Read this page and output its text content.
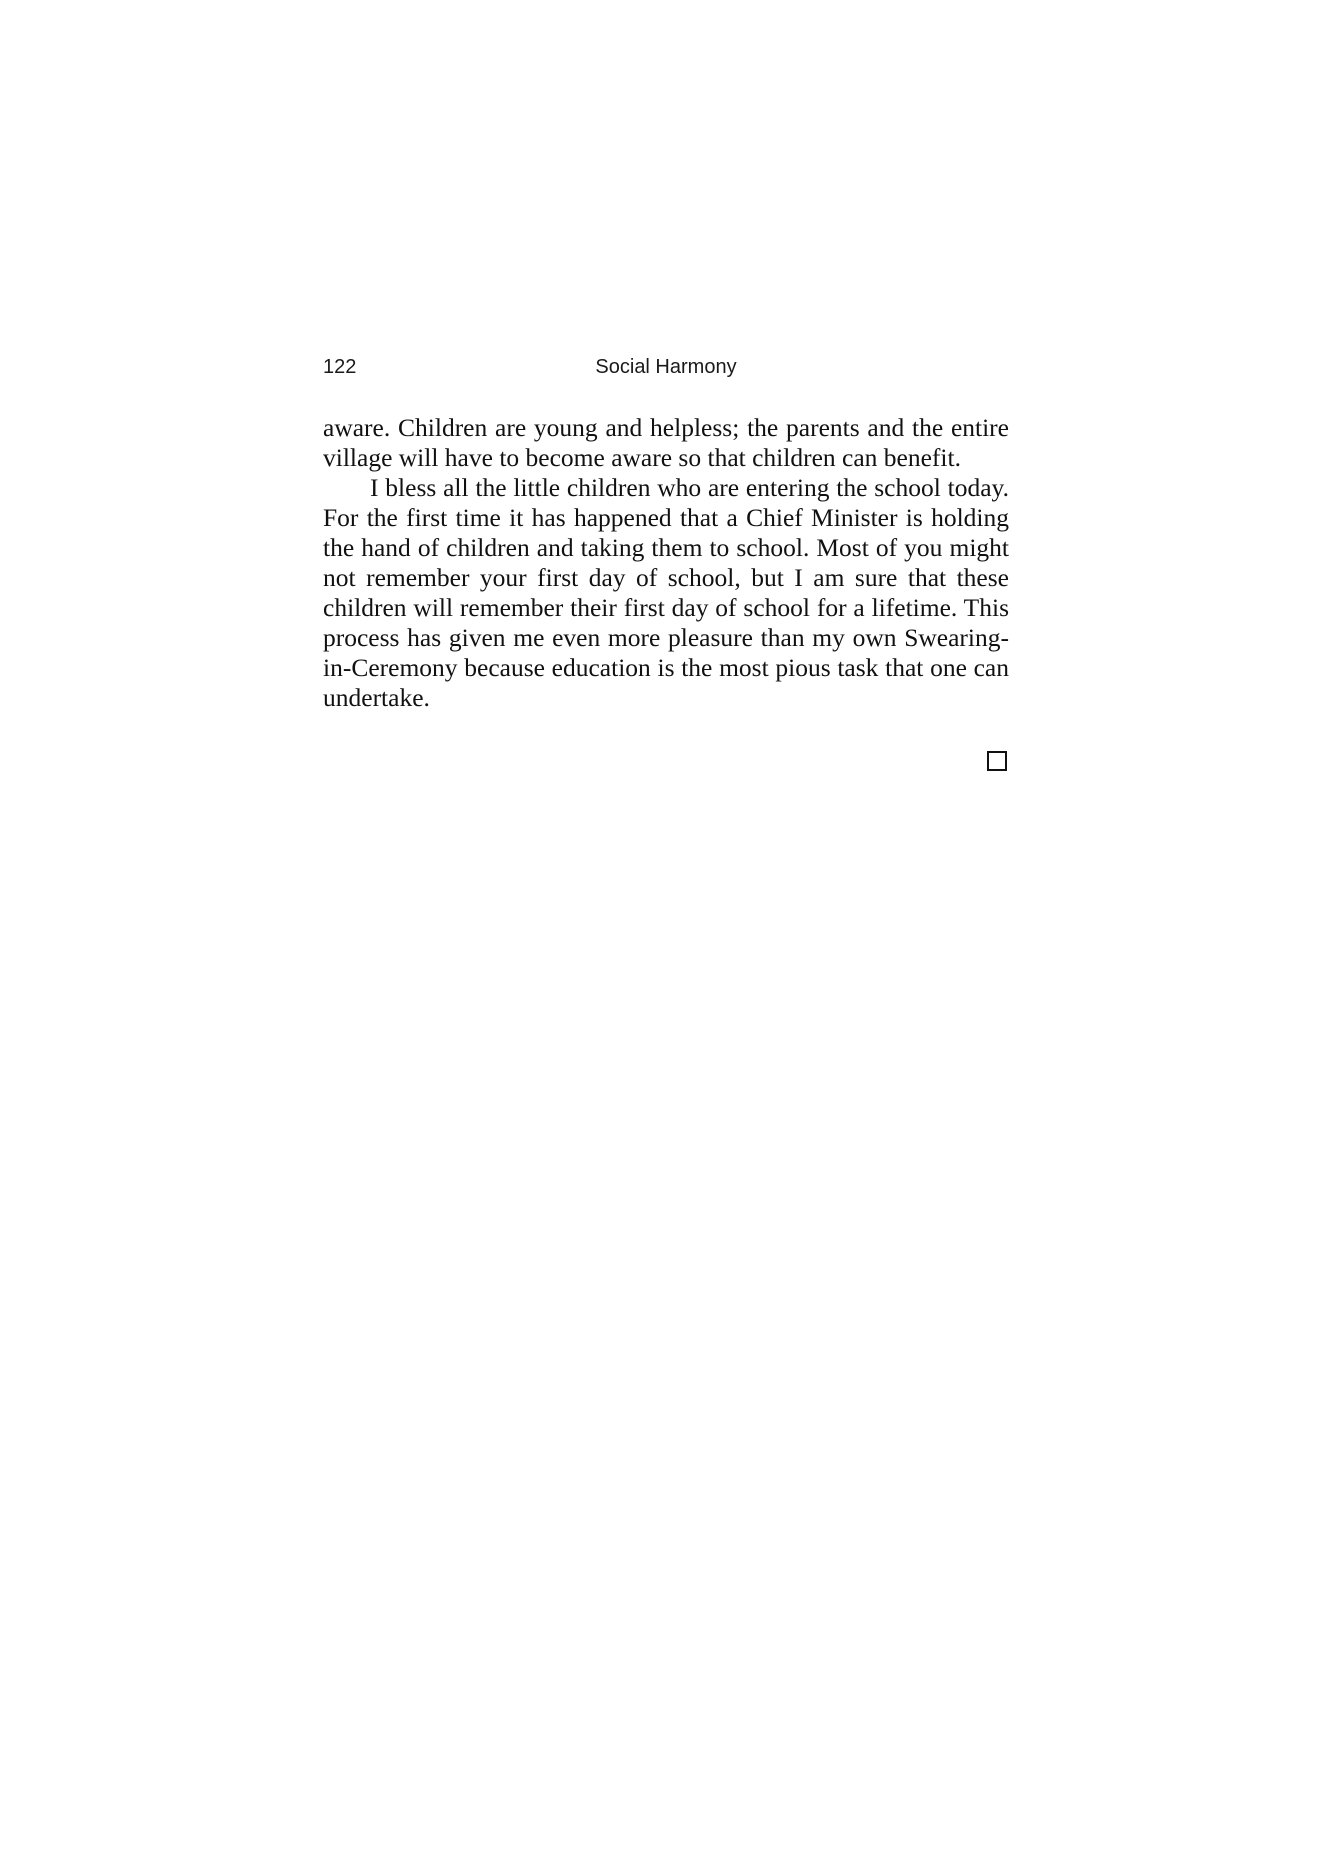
122	Social Harmony

aware. Children are young and helpless; the parents and the entire village will have to become aware so that children can benefit.

I bless all the little children who are entering the school today. For the first time it has happened that a Chief Minister is holding the hand of children and taking them to school. Most of you might not remember your first day of school, but I am sure that these children will remember their first day of school for a lifetime. This process has given me even more pleasure than my own Swearing-in-Ceremony because education is the most pious task that one can undertake.
